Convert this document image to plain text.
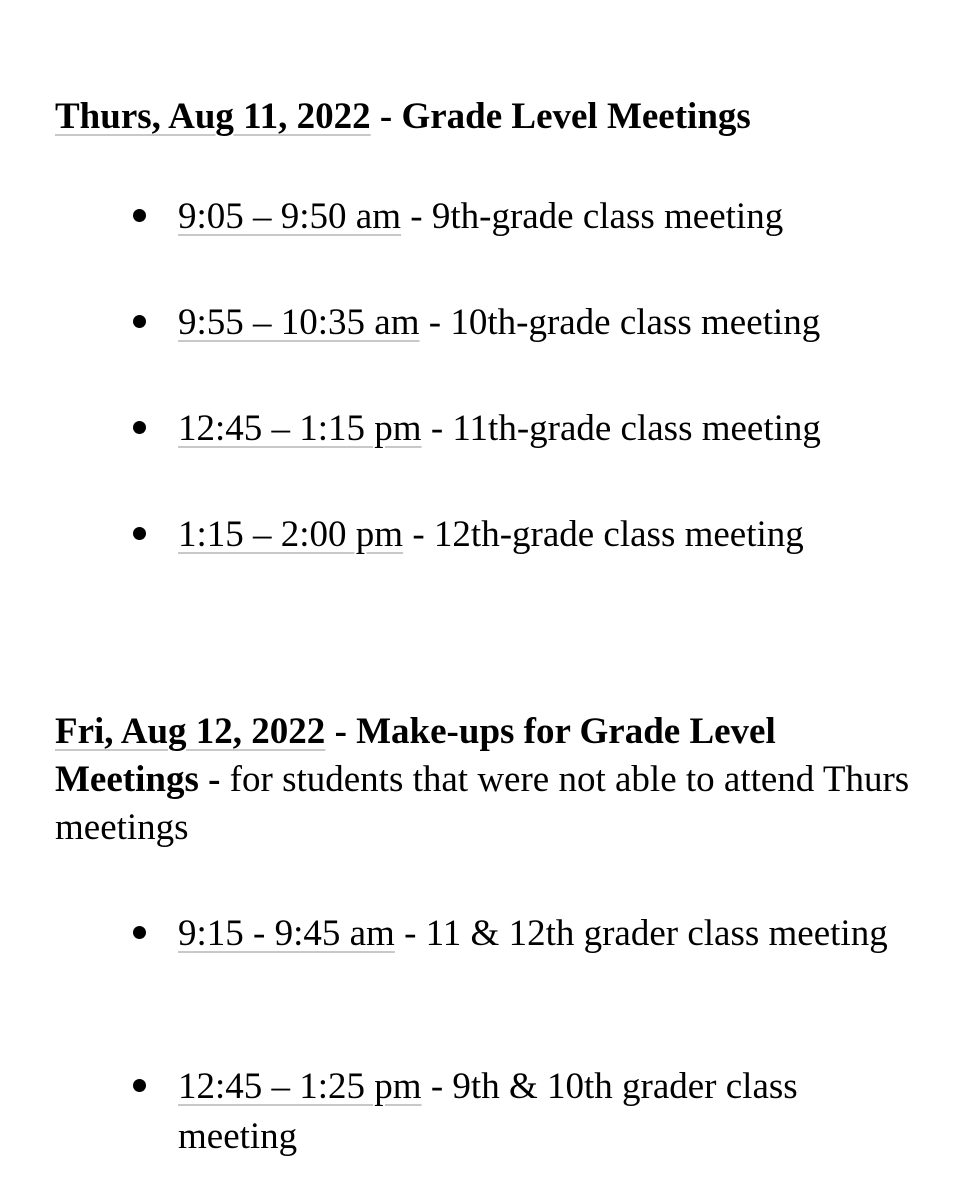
Thurs, Aug 11, 2022 - Grade Level Meetings

9:05 – 9:50 am - 9th-grade class meeting
9:55 – 10:35 am - 10th-grade class meeting
12:45 – 1:15 pm - 11th-grade class meeting
1:15 – 2:00 pm - 12th-grade class meeting

Fri, Aug 12, 2022 - Make-ups for Grade Level Meetings - for students that were not able to attend Thurs meetings

9:15 - 9:45 am - 11 & 12th grader class meeting
12:45 – 1:25 pm - 9th & 10th grader class meeting
